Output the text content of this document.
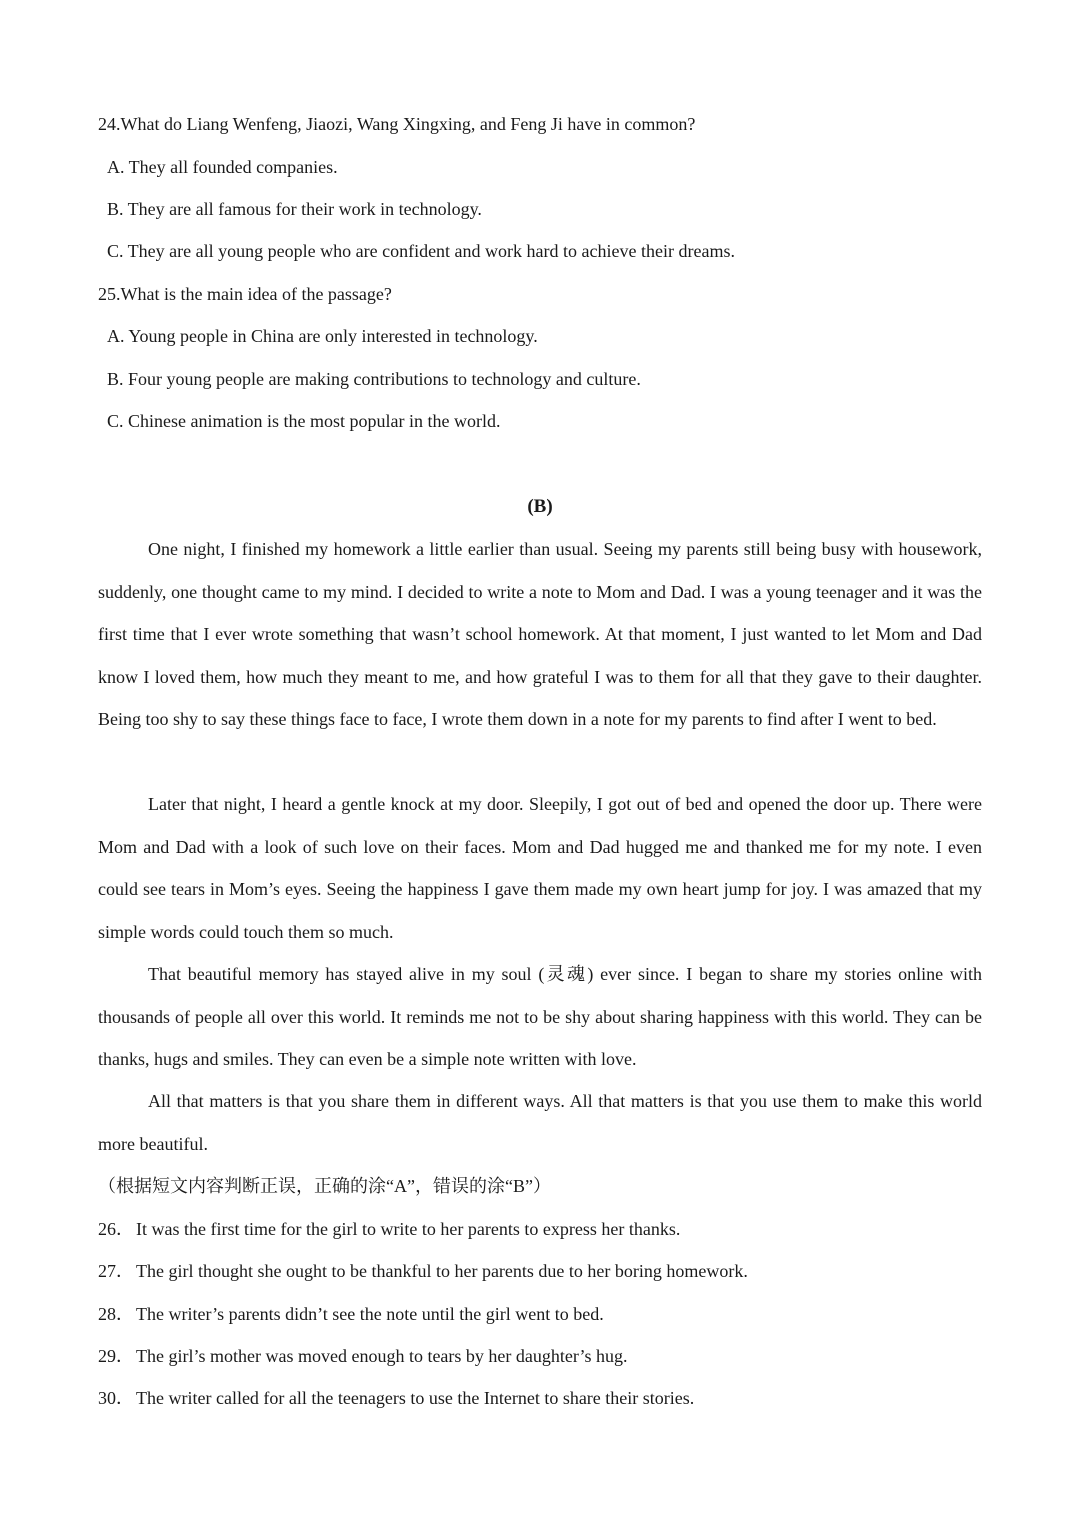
24.What do Liang Wenfeng, Jiaozi, Wang Xingxing, and Feng Ji have in common?
A. They all founded companies.
B. They are all famous for their work in technology.
C. They are all young people who are confident and work hard to achieve their dreams.
25.What is the main idea of the passage?
A. Young people in China are only interested in technology.
B. Four young people are making contributions to technology and culture.
C. Chinese animation is the most popular in the world.
(B)

One night, I finished my homework a little earlier than usual. Seeing my parents still being busy with housework, suddenly, one thought came to my mind. I decided to write a note to Mom and Dad. I was a young teenager and it was the first time that I ever wrote something that wasn’t school homework. At that moment, I just wanted to let Mom and Dad know I loved them, how much they meant to me, and how grateful I was to them for all that they gave to their daughter. Being too shy to say these things face to face, I wrote them down in a note for my parents to find after I went to bed.

Later that night, I heard a gentle knock at my door. Sleepily, I got out of bed and opened the door up. There were Mom and Dad with a look of such love on their faces. Mom and Dad hugged me and thanked me for my note. I even could see tears in Mom’s eyes. Seeing the happiness I gave them made my own heart jump for joy. I was amazed that my simple words could touch them so much.

That beautiful memory has stayed alive in my soul (灵魂) ever since. I began to share my stories online with thousands of people all over this world. It reminds me not to be shy about sharing happiness with this world. They can be thanks, hugs and smiles. They can even be a simple note written with love.

All that matters is that you share them in different ways. All that matters is that you use them to make this world more beautiful.

（根据短文内容判断正误，正确的涂“A”，错误的涂“B”）
26． It was the first time for the girl to write to her parents to express her thanks.
27． The girl thought she ought to be thankful to her parents due to her boring homework.
28． The writer’s parents didn’t see the note until the girl went to bed.
29． The girl’s mother was moved enough to tears by her daughter’s hug.
30． The writer called for all the teenagers to use the Internet to share their stories.
